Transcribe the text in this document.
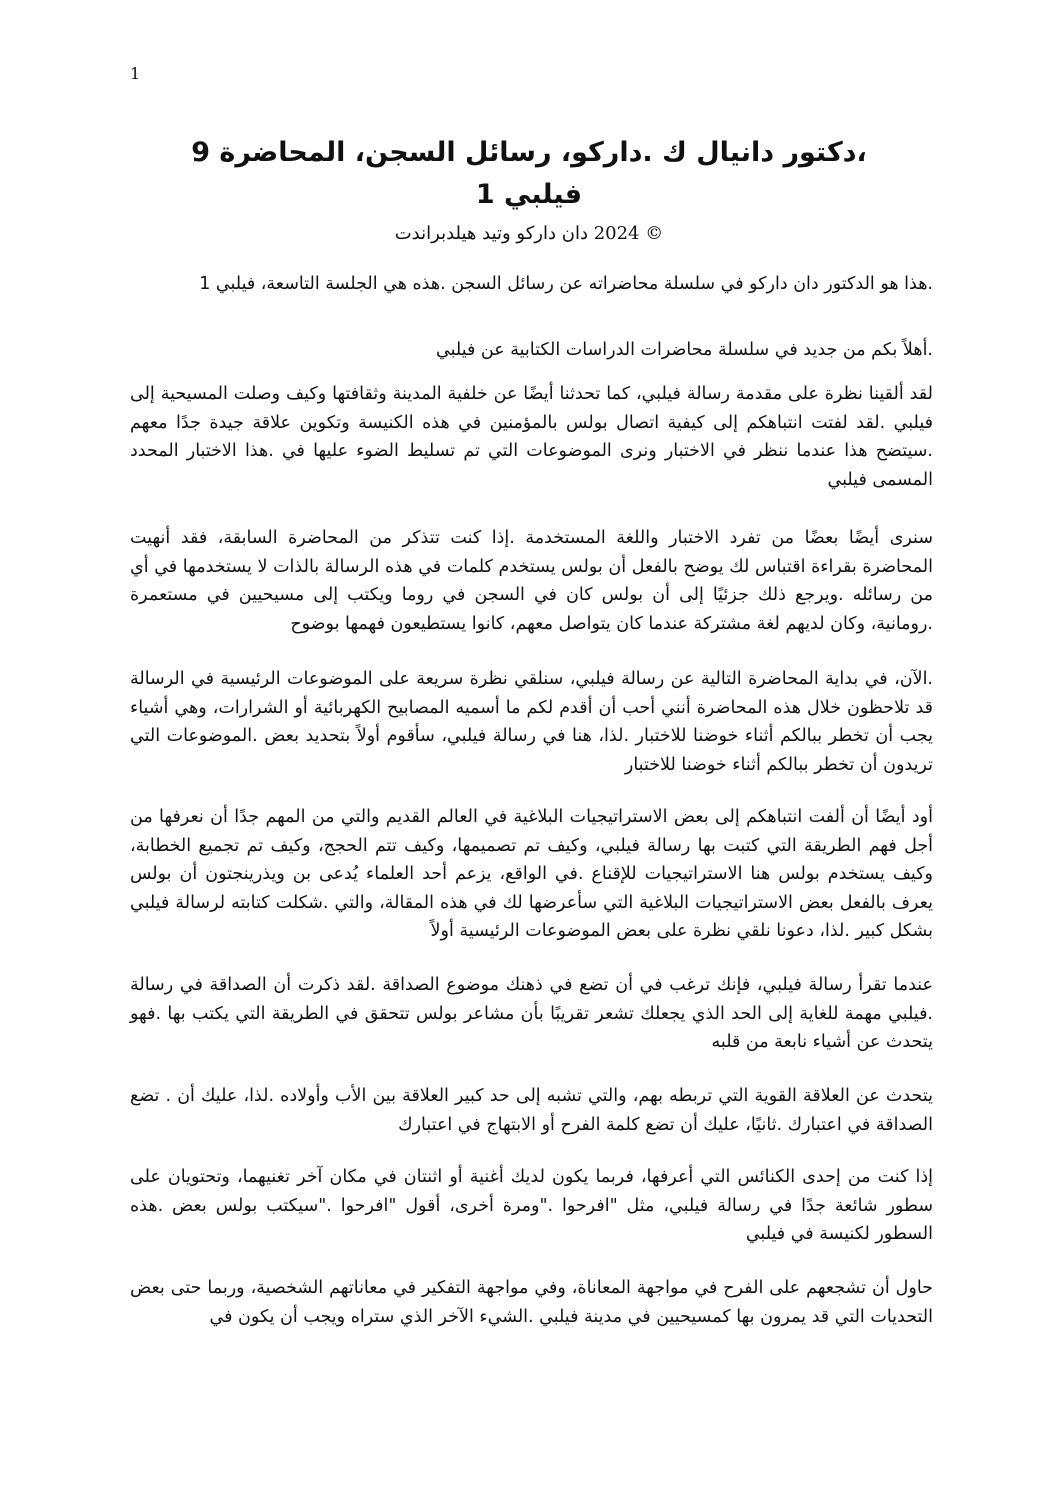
1
،دكتور دانيال ك .داركو، رسائل السجن، المحاضرة 9
فيلبي 1
© 2024 دان داركو وتيد هيلدبراندت

.هذا هو الدكتور دان داركو في سلسلة محاضراته عن رسائل السجن .هذه هي الجلسة التاسعة، فيلبي 1

.أهلاً بكم من جديد في سلسلة محاضرات الدراسات الكتابية عن فيلبي

لقد ألقينا نظرة على مقدمة رسالة فيلبي، كما تحدثنا أيضًا عن خلفية المدينة وثقافتها وكيف وصلت المسيحية إلى فيلبي .لقد لفتت انتباهكم إلى كيفية اتصال بولس بالمؤمنين في هذه الكنيسة وتكوين علاقة جيدة جدًا معهم .سيتضح هذا عندما ننظر في الاختبار ونرى الموضوعات التي تم تسليط الضوء عليها في .هذا الاختبار المحدد المسمى فيلبي

سنرى أيضًا بعضًا من تفرد الاختبار واللغة المستخدمة .إذا كنت تتذكر من المحاضرة السابقة، فقد أنهيت المحاضرة بقراءة اقتباس لك يوضح بالفعل أن بولس يستخدم كلمات في هذه الرسالة بالذات لا يستخدمها في أي من رسائله .ويرجع ذلك جزئيًا إلى أن بولس كان في السجن في روما ويكتب إلى مسيحيين في مستعمرة .رومانية، وكان لديهم لغة مشتركة عندما كان يتواصل معهم، كانوا يستطيعون فهمها بوضوح

.الآن، في بداية المحاضرة التالية عن رسالة فيلبي، سنلقي نظرة سريعة على الموضوعات الرئيسية في الرسالة قد تلاحظون خلال هذه المحاضرة أنني أحب أن أقدم لكم ما أسميه المصابيح الكهربائية أو الشرارات، وهي أشياء يجب أن تخطر ببالكم أثناء خوضنا للاختبار .لذا، هنا في رسالة فيلبي، سأقوم أولاً بتحديد بعض .الموضوعات التي تريدون أن تخطر ببالكم أثناء خوضنا للاختبار

أود أيضًا أن ألفت انتباهكم إلى بعض الاستراتيجيات البلاغية في العالم القديم والتي من المهم جدًا أن نعرفها من أجل فهم الطريقة التي كتبت بها رسالة فيلبي، وكيف تم تصميمها، وكيف تتم الحجج، وكيف تم تجميع الخطابة، وكيف يستخدم بولس هنا الاستراتيجيات للإقناع .في الواقع، يزعم أحد العلماء يُدعى بن ويذرينجتون أن بولس يعرف بالفعل بعض الاستراتيجيات البلاغية التي سأعرضها لك في هذه المقالة، والتي .شكلت كتابته لرسالة فيلبي بشكل كبير .لذا، دعونا نلقي نظرة على بعض الموضوعات الرئيسية أولاً

عندما تقرأ رسالة فيلبي، فإنك ترغب في أن تضع في ذهنك موضوع الصداقة .لقد ذكرت أن الصداقة في رسالة .فيلبي مهمة للغاية إلى الحد الذي يجعلك تشعر تقريبًا بأن مشاعر بولس تتحقق في الطريقة التي يكتب بها .فهو يتحدث عن أشياء نابعة من قلبه

يتحدث عن العلاقة القوية التي تربطه بهم، والتي تشبه إلى حد كبير العلاقة بين الأب وأولاده .لذا، عليك أن . تضع الصداقة في اعتبارك .ثانيًا، عليك أن تضع كلمة الفرح أو الابتهاج في اعتبارك

إذا كنت من إحدى الكنائس التي أعرفها، فربما يكون لديك أغنية أو اثنتان في مكان آخر تغنيهما، وتحتويان على سطور شائعة جدًا في رسالة فيلبي، مثل "افرحوا ."ومرة أخرى، أقول "افرحوا ."سيكتب بولس بعض .هذه السطور لكنيسة في فيلبي

حاول أن تشجعهم على الفرح في مواجهة المعاناة، وفي مواجهة التفكير في معاناتهم الشخصية، وربما حتى بعض التحديات التي قد يمرون بها كمسيحيين في مدينة فيلبي .الشيء الآخر الذي ستراه ويجب أن يكون في
